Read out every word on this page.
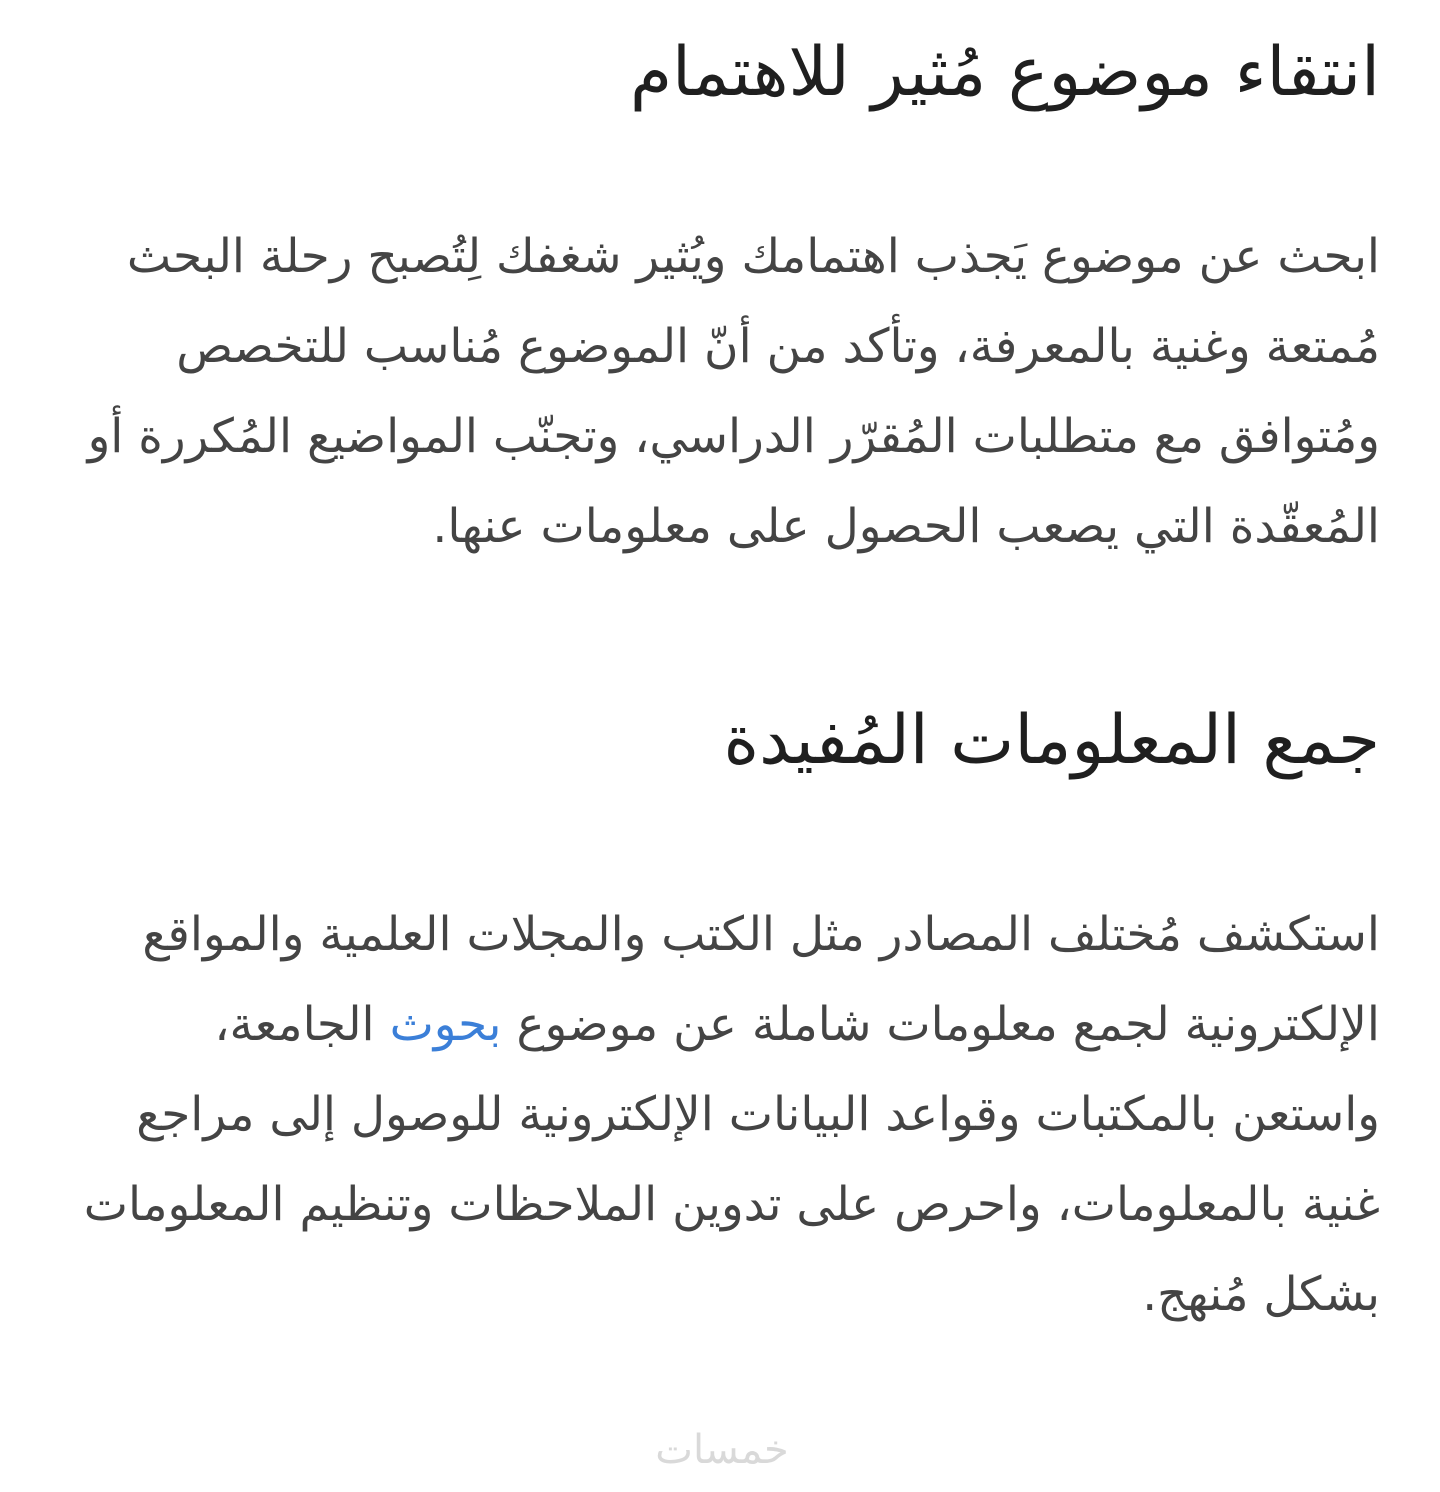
انتقاء موضوع مُثير للاهتمام

ابحث عن موضوع يَجذب اهتمامك ويُثير شغفك لِتُصبح رحلة البحث مُمتعة وغنية بالمعرفة، وتأكد من أنّ الموضوع مُناسب للتخصص ومُتوافق مع متطلبات المُقرّر الدراسي، وتجنّب المواضيع المُكررة أو المُعقّدة التي يصعب الحصول على معلومات عنها.

جمع المعلومات المُفيدة

استكشف مُختلف المصادر مثل الكتب والمجلات العلمية والمواقع الإلكترونية لجمع معلومات شاملة عن موضوع بحوث الجامعة، واستعن بالمكتبات وقواعد البيانات الإلكترونية للوصول إلى مراجع غنية بالمعلومات، واحرص على تدوين الملاحظات وتنظيم المعلومات بشكل مُنهج.

خمسات
